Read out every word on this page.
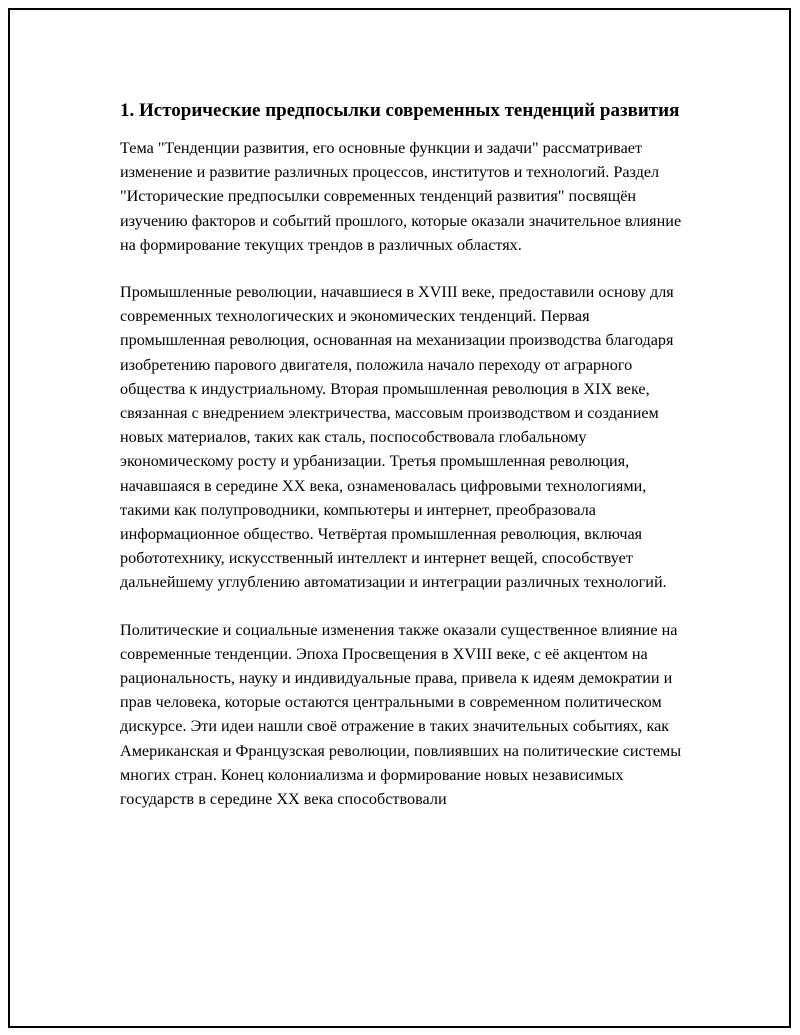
1. Исторические предпосылки современных тенденций развития

Тема "Тенденции развития, его основные функции и задачи" рассматривает изменение и развитие различных процессов, институтов и технологий. Раздел "Исторические предпосылки современных тенденций развития" посвящён изучению факторов и событий прошлого, которые оказали значительное влияние на формирование текущих трендов в различных областях.

Промышленные революции, начавшиеся в XVIII веке, предоставили основу для современных технологических и экономических тенденций. Первая промышленная революция, основанная на механизации производства благодаря изобретению парового двигателя, положила начало переходу от аграрного общества к индустриальному. Вторая промышленная революция в XIX веке, связанная с внедрением электричества, массовым производством и созданием новых материалов, таких как сталь, поспособствовала глобальному экономическому росту и урбанизации. Третья промышленная революция, начавшаяся в середине XX века, ознаменовалась цифровыми технологиями, такими как полупроводники, компьютеры и интернет, преобразовала информационное общество. Четвёртая промышленная революция, включая робототехнику, искусственный интеллект и интернет вещей, способствует дальнейшему углублению автоматизации и интеграции различных технологий.

Политические и социальные изменения также оказали существенное влияние на современные тенденции. Эпоха Просвещения в XVIII веке, с её акцентом на рациональность, науку и индивидуальные права, привела к идеям демократии и прав человека, которые остаются центральными в современном политическом дискурсе. Эти идеи нашли своё отражение в таких значительных событиях, как Американская и Французская революции, повлиявших на политические системы многих стран. Конец колониализма и формирование новых независимых государств в середине XX века способствовали
